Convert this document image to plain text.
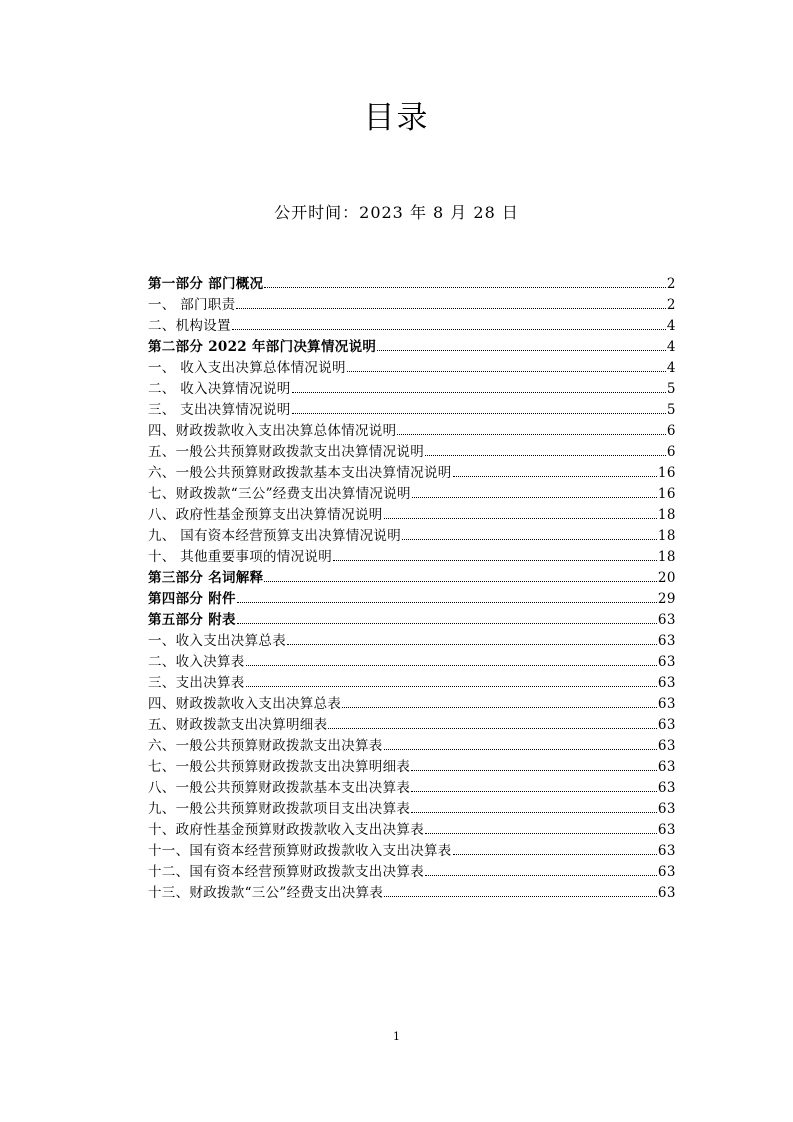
目录
公开时间：2023 年 8 月 28 日
第一部分 部门概况	2
一、 部门职责	2
二、机构设置	4
第二部分 2022 年部门决算情况说明	4
一、 收入支出决算总体情况说明	4
二、 收入决算情况说明	5
三、 支出决算情况说明	5
四、财政拨款收入支出决算总体情况说明	6
五、一般公共预算财政拨款支出决算情况说明	6
六、一般公共预算财政拨款基本支出决算情况说明	16
七、财政拨款“三公”经费支出决算情况说明	16
八、政府性基金预算支出决算情况说明	18
九、 国有资本经营预算支出决算情况说明	18
十、 其他重要事项的情况说明	18
第三部分 名词解释	20
第四部分 附件	29
第五部分 附表	63
一、收入支出决算总表	63
二、收入决算表	63
三、支出决算表	63
四、财政拨款收入支出决算总表	63
五、财政拨款支出决算明细表	63
六、一般公共预算财政拨款支出决算表	63
七、一般公共预算财政拨款支出决算明细表	63
八、一般公共预算财政拨款基本支出决算表	63
九、一般公共预算财政拨款项目支出决算表	63
十、政府性基金预算财政拨款收入支出决算表	63
十一、国有资本经营预算财政拨款收入支出决算表	63
十二、国有资本经营预算财政拨款支出决算表	63
十三、财政拨款“三公”经费支出决算表	63
1
